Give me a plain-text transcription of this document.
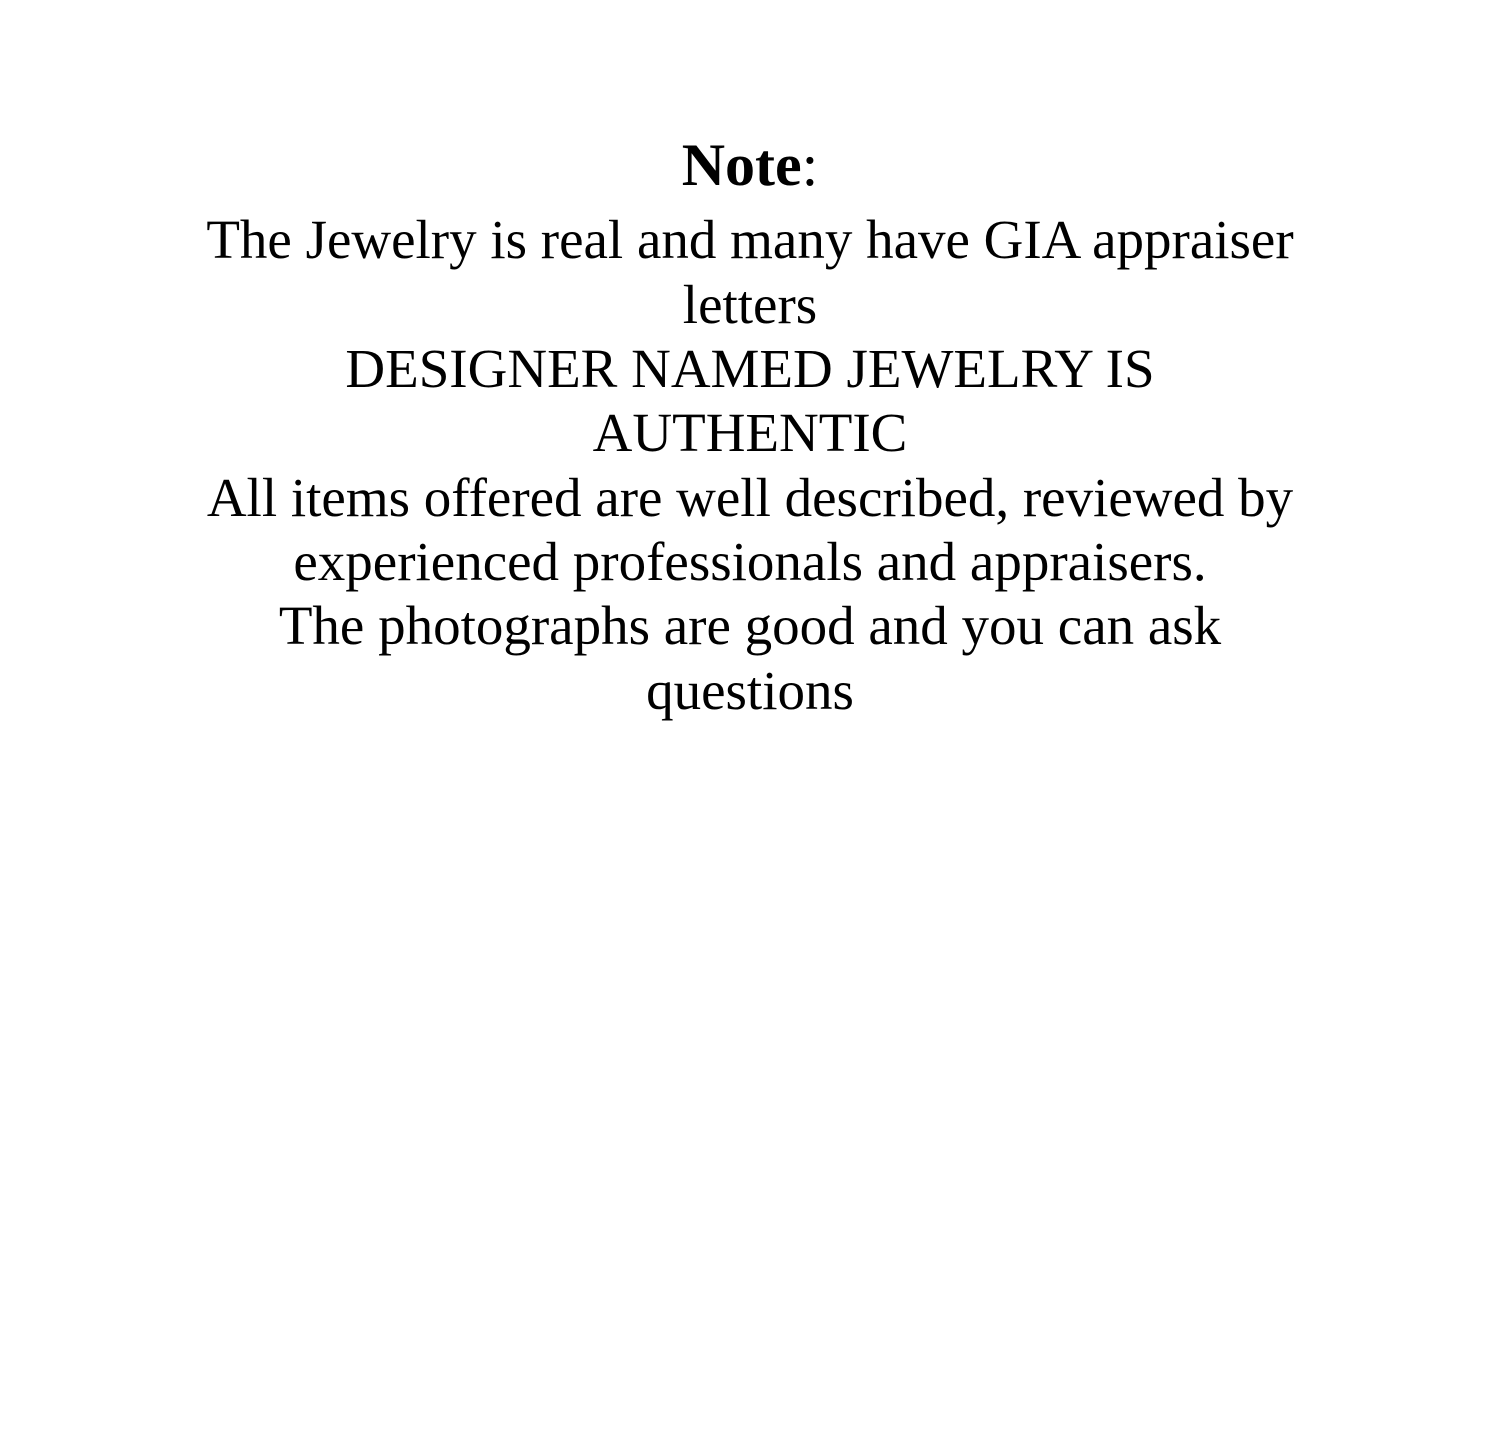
Note:

The Jewelry is real and many have GIA appraiser letters

DESIGNER NAMED JEWELRY IS AUTHENTIC

All items offered are well described, reviewed by experienced professionals and appraisers.

The photographs are good and you can ask questions
